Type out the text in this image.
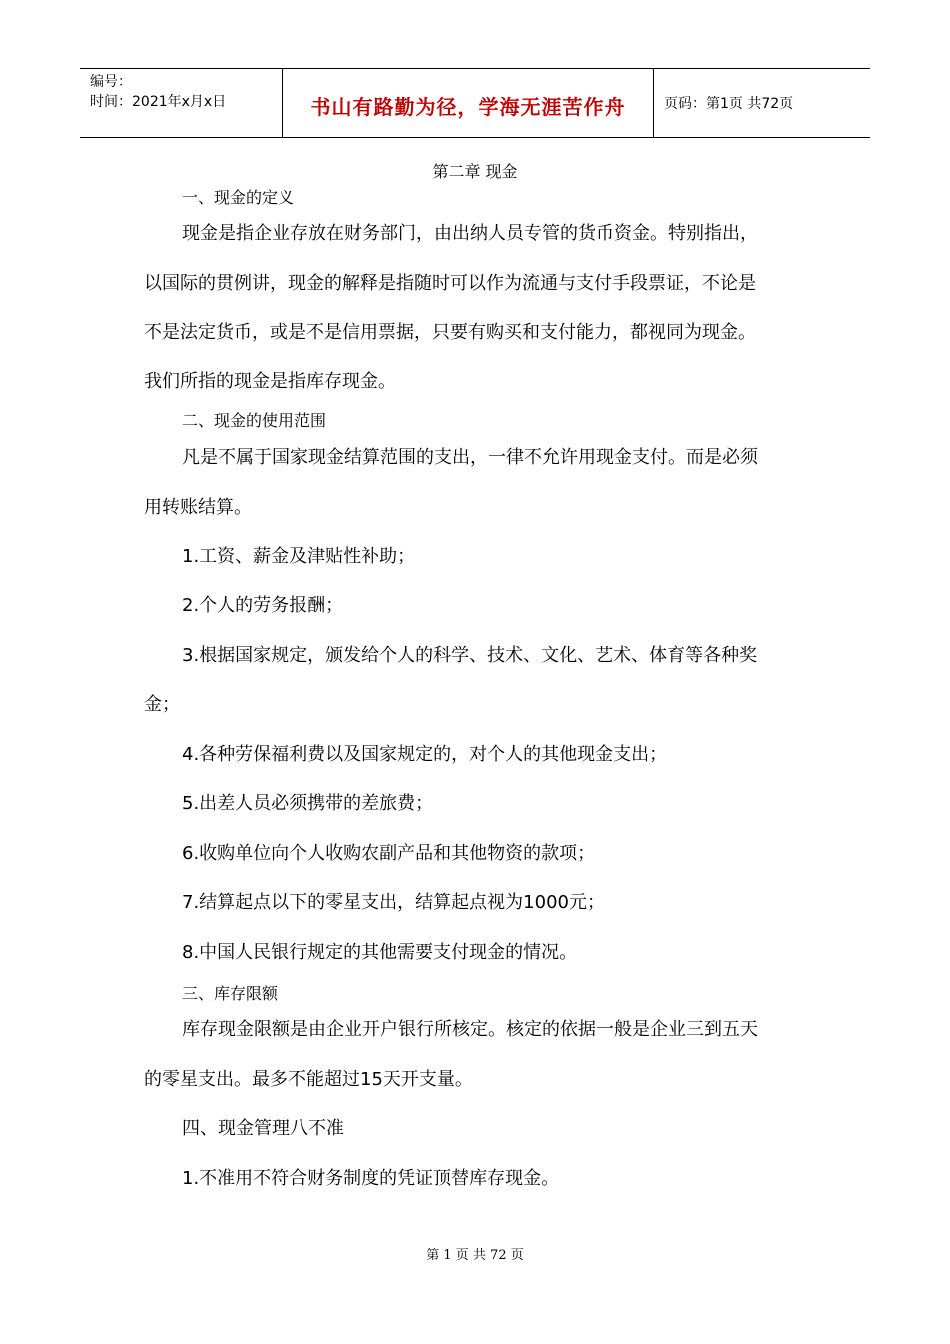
编号：
时间：2021年x月x日	书山有路勤为径，学海无涯苦作舟	页码：第1页 共72页
第二章 现金
一、现金的定义
现金是指企业存放在财务部门，由出纳人员专管的货币资金。特别指出，
以国际的贯例讲，现金的解释是指随时可以作为流通与支付手段票证，不论是
不是法定货币，或是不是信用票据，只要有购买和支付能力，都视同为现金。
我们所指的现金是指库存现金。
二、现金的使用范围
凡是不属于国家现金结算范围的支出，一律不允许用现金支付。而是必须
用转账结算。
1.工资、薪金及津贴性补助；
2.个人的劳务报酬；
3.根据国家规定，颁发给个人的科学、技术、文化、艺术、体育等各种奖
金；
4.各种劳保福利费以及国家规定的，对个人的其他现金支出；
5.出差人员必须携带的差旅费；
6.收购单位向个人收购农副产品和其他物资的款项；
7.结算起点以下的零星支出，结算起点视为1000元；
8.中国人民银行规定的其他需要支付现金的情况。
三、库存限额
库存现金限额是由企业开户银行所核定。核定的依据一般是企业三到五天
的零星支出。最多不能超过15天开支量。
四、现金管理八不准
1.不准用不符合财务制度的凭证顶替库存现金。
第 1 页 共 72 页
